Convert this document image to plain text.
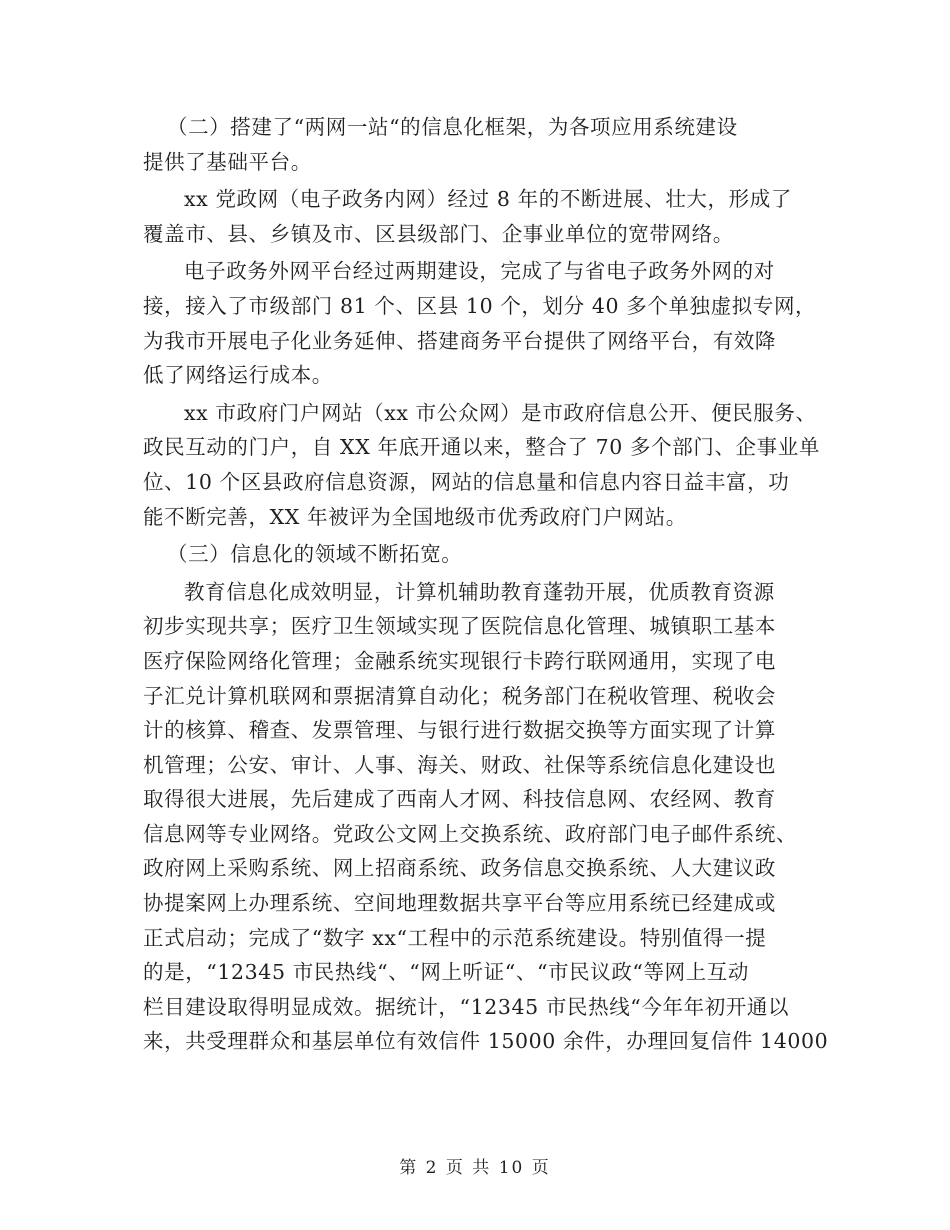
（二）搭建了“两网一站“的信息化框架，为各项应用系统建设
提供了基础平台。
xx 党政网（电子政务内网）经过 8 年的不断进展、壮大，形成了
覆盖市、县、乡镇及市、区县级部门、企事业单位的宽带网络。
电子政务外网平台经过两期建设，完成了与省电子政务外网的对
接，接入了市级部门 81 个、区县 10 个，划分 40 多个单独虚拟专网，
为我市开展电子化业务延伸、搭建商务平台提供了网络平台，有效降
低了网络运行成本。
xx 市政府门户网站（xx 市公众网）是市政府信息公开、便民服务、
政民互动的门户，自 XX 年底开通以来，整合了 70 多个部门、企事业单
位、10 个区县政府信息资源，网站的信息量和信息内容日益丰富，功
能不断完善，XX 年被评为全国地级市优秀政府门户网站。
（三）信息化的领域不断拓宽。
教育信息化成效明显，计算机辅助教育蓬勃开展，优质教育资源
初步实现共享；医疗卫生领域实现了医院信息化管理、城镇职工基本
医疗保险网络化管理；金融系统实现银行卡跨行联网通用，实现了电
子汇兑计算机联网和票据清算自动化；税务部门在税收管理、税收会
计的核算、稽查、发票管理、与银行进行数据交换等方面实现了计算
机管理；公安、审计、人事、海关、财政、社保等系统信息化建设也
取得很大进展，先后建成了西南人才网、科技信息网、农经网、教育
信息网等专业网络。党政公文网上交换系统、政府部门电子邮件系统、
政府网上采购系统、网上招商系统、政务信息交换系统、人大建议政
协提案网上办理系统、空间地理数据共享平台等应用系统已经建成或
正式启动；完成了“数字 xx“工程中的示范系统建设。特别值得一提
的是，“12345 市民热线“、“网上听证“、“市民议政“等网上互动
栏目建设取得明显成效。据统计，“12345 市民热线“今年年初开通以
来，共受理群众和基层单位有效信件 15000 余件，办理回复信件 14000
第 2 页 共 10 页
